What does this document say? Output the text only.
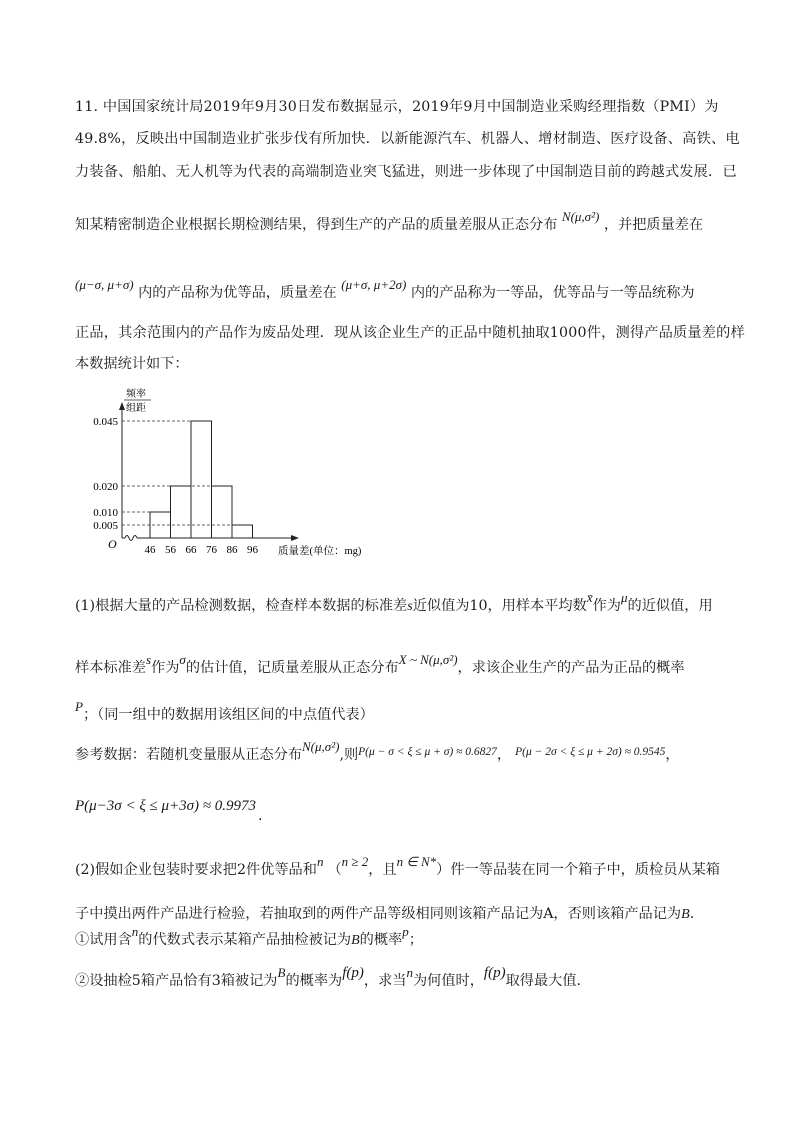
11. 中国国家统计局2019年9月30日发布数据显示，2019年9月中国制造业采购经理指数（PMI）为
49.8%，反映出中国制造业扩张步伐有所加快．以新能源汽车、机器人、增材制造、医疗设备、高铁、电
力装备、船舶、无人机等为代表的高端制造业突飞猛进，则进一步体现了中国制造目前的跨越式发展．已
知某精密制造企业根据长期检测结果，得到生产的产品的质量差服从正态分布 N(μ,σ²) ，并把质量差在
(μ−σ, μ+σ) 内的产品称为优等品，质量差在 (μ+σ, μ+2σ) 内的产品称为一等品，优等品与一等品统称为
正品，其余范围内的产品作为废品处理．现从该企业生产的正品中随机抽取1000件，测得产品质量差的样
本数据统计如下：
频率
组距
O
质量差(单位：mg)
0.045
0.020
0.010
0.005
46 56 66 76 86 96
(1)根据大量的产品检测数据，检查样本数据的标准差s近似值为10，用样本平均数x̄作为μ的近似值，用
样本标准差s作为σ的估计值，记质量差服从正态分布X ~ N(μ,σ²)，求该企业生产的产品为正品的概率
P；（同一组中的数据用该组区间的中点值代表）
参考数据：若随机变量服从正态分布N(μ,σ²),则$^{P(\mu - \sigma < \xi \le \mu + \sigma) \approx 0.6827}$， $^{P(\mu - 2\sigma < \xi \le \mu + 2\sigma) \approx 0.9545}$，
P(μ−3σ < ξ ≤ μ+3σ) ≈ 0.9973.
(2)假如企业包装时要求把2件优等品和n（n ≥ 2，且n ∈ N*）件一等品装在同一个箱子中，质检员从某箱
子中摸出两件产品进行检验，若抽取到的两件产品等级相同则该箱产品记为A，否则该箱产品记为B.
①试用含n的代数式表示某箱产品抽检被记为B的概率p；
②设抽检5箱产品恰有3箱被记为B的概率为f(p)，求当n为何值时，f(p)取得最大值.
